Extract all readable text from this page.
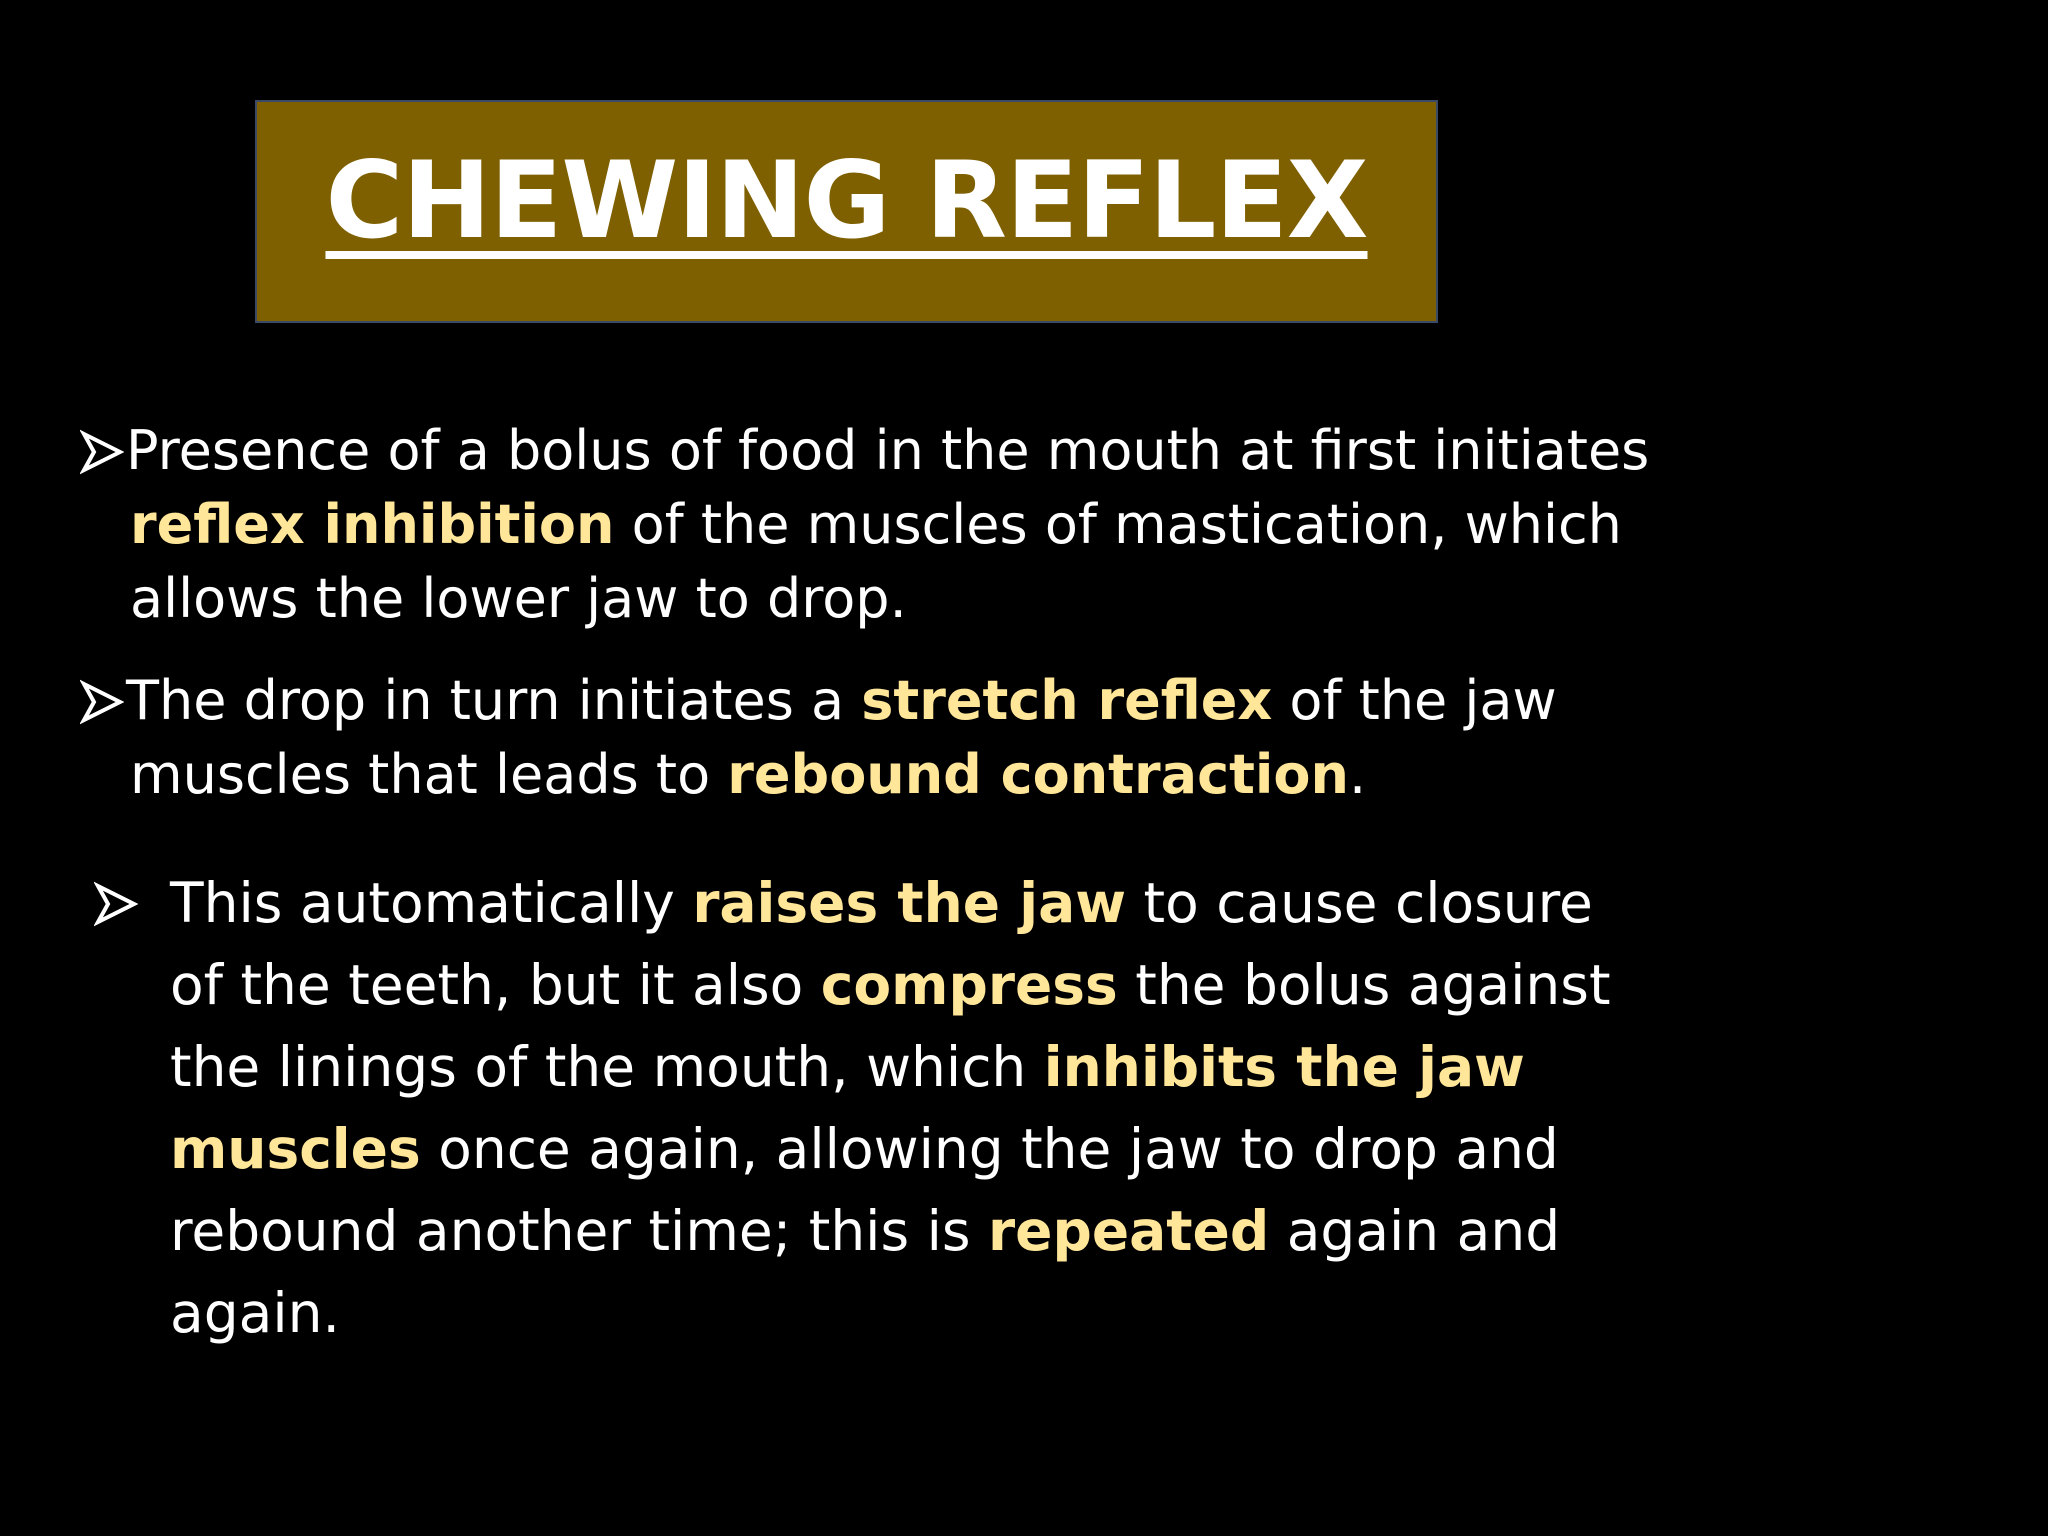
CHEWING REFLEX
Presence of a bolus of food in the mouth at first initiates reflex inhibition of the muscles of mastication, which allows the lower jaw to drop.
The drop in turn initiates a stretch reflex of the jaw muscles that leads to rebound contraction.
This automatically raises the jaw to cause closure of the teeth, but it also compress the bolus against the linings of the mouth, which inhibits the jaw muscles once again, allowing the jaw to drop and rebound another time; this is repeated again and again.
